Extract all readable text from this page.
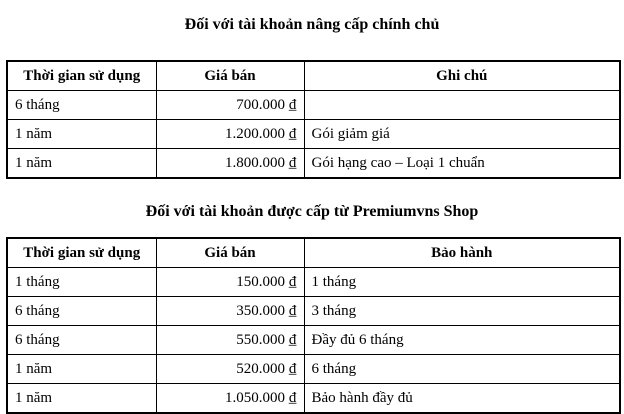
Đối với tài khoản nâng cấp chính chủ

Thời gian sử dụng	Giá bán	Ghi chú
6 tháng	700.000 ₫	
1 năm	1.200.000 ₫	Gói giảm giá
1 năm	1.800.000 ₫	Gói hạng cao – Loại 1 chuẩn

Đối với tài khoản được cấp từ Premiumvns Shop

Thời gian sử dụng	Giá bán	Bảo hành
1 tháng	150.000 ₫	1 tháng
6 tháng	350.000 ₫	3 tháng
6 tháng	550.000 ₫	Đầy đủ 6 tháng
1 năm	520.000 ₫	6 tháng
1 năm	1.050.000 ₫	Bảo hành đầy đủ
